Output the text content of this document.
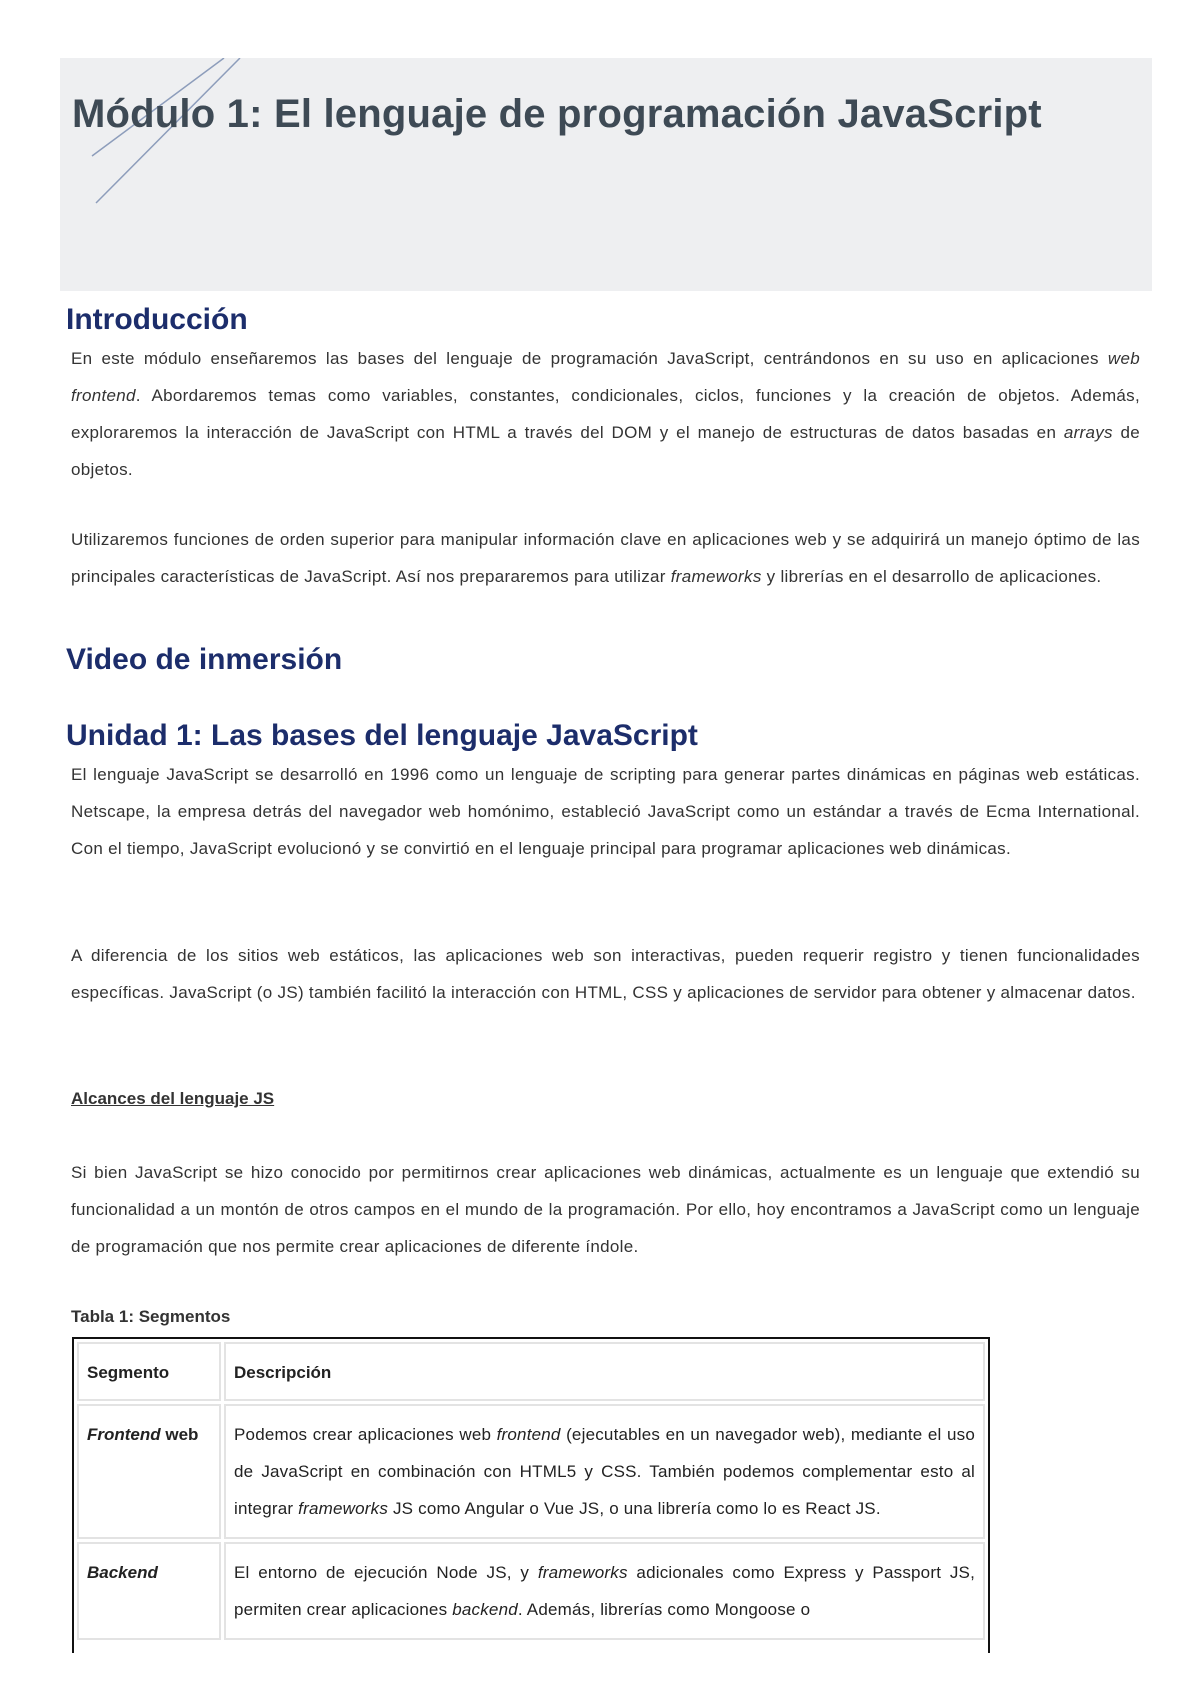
Módulo 1: El lenguaje de programación JavaScript
Introducción

En este módulo enseñaremos las bases del lenguaje de programación JavaScript, centrándonos en su uso en aplicaciones web frontend. Abordaremos temas como variables, constantes, condicionales, ciclos, funciones y la creación de objetos. Además, exploraremos la interacción de JavaScript con HTML a través del DOM y el manejo de estructuras de datos basadas en arrays de objetos.

Utilizaremos funciones de orden superior para manipular información clave en aplicaciones web y se adquirirá un manejo óptimo de las principales características de JavaScript. Así nos prepararemos para utilizar frameworks y librerías en el desarrollo de aplicaciones.

Video de inmersión
Unidad 1: Las bases del lenguaje JavaScript

El lenguaje JavaScript se desarrolló en 1996 como un lenguaje de scripting para generar partes dinámicas en páginas web estáticas. Netscape, la empresa detrás del navegador web homónimo, estableció JavaScript como un estándar a través de Ecma International. Con el tiempo, JavaScript evolucionó y se convirtió en el lenguaje principal para programar aplicaciones web dinámicas.

A diferencia de los sitios web estáticos, las aplicaciones web son interactivas, pueden requerir registro y tienen funcionalidades específicas. JavaScript (o JS) también facilitó la interacción con HTML, CSS y aplicaciones de servidor para obtener y almacenar datos.

Alcances del lenguaje JS

Si bien JavaScript se hizo conocido por permitirnos crear aplicaciones web dinámicas, actualmente es un lenguaje que extendió su funcionalidad a un montón de otros campos en el mundo de la programación. Por ello, hoy encontramos a JavaScript como un lenguaje de programación que nos permite crear aplicaciones de diferente índole.

Tabla 1: Segmentos

Segmento	Descripción
Frontend web	Podemos crear aplicaciones web frontend (ejecutables en un navegador web), mediante el uso de JavaScript en combinación con HTML5 y CSS. También podemos complementar esto al integrar frameworks JS como Angular o Vue JS, o una librería como lo es React JS.
Backend	El entorno de ejecución Node JS, y frameworks adicionales como Express y Passport JS, permiten crear aplicaciones backend. Además, librerías como Mongoose o
